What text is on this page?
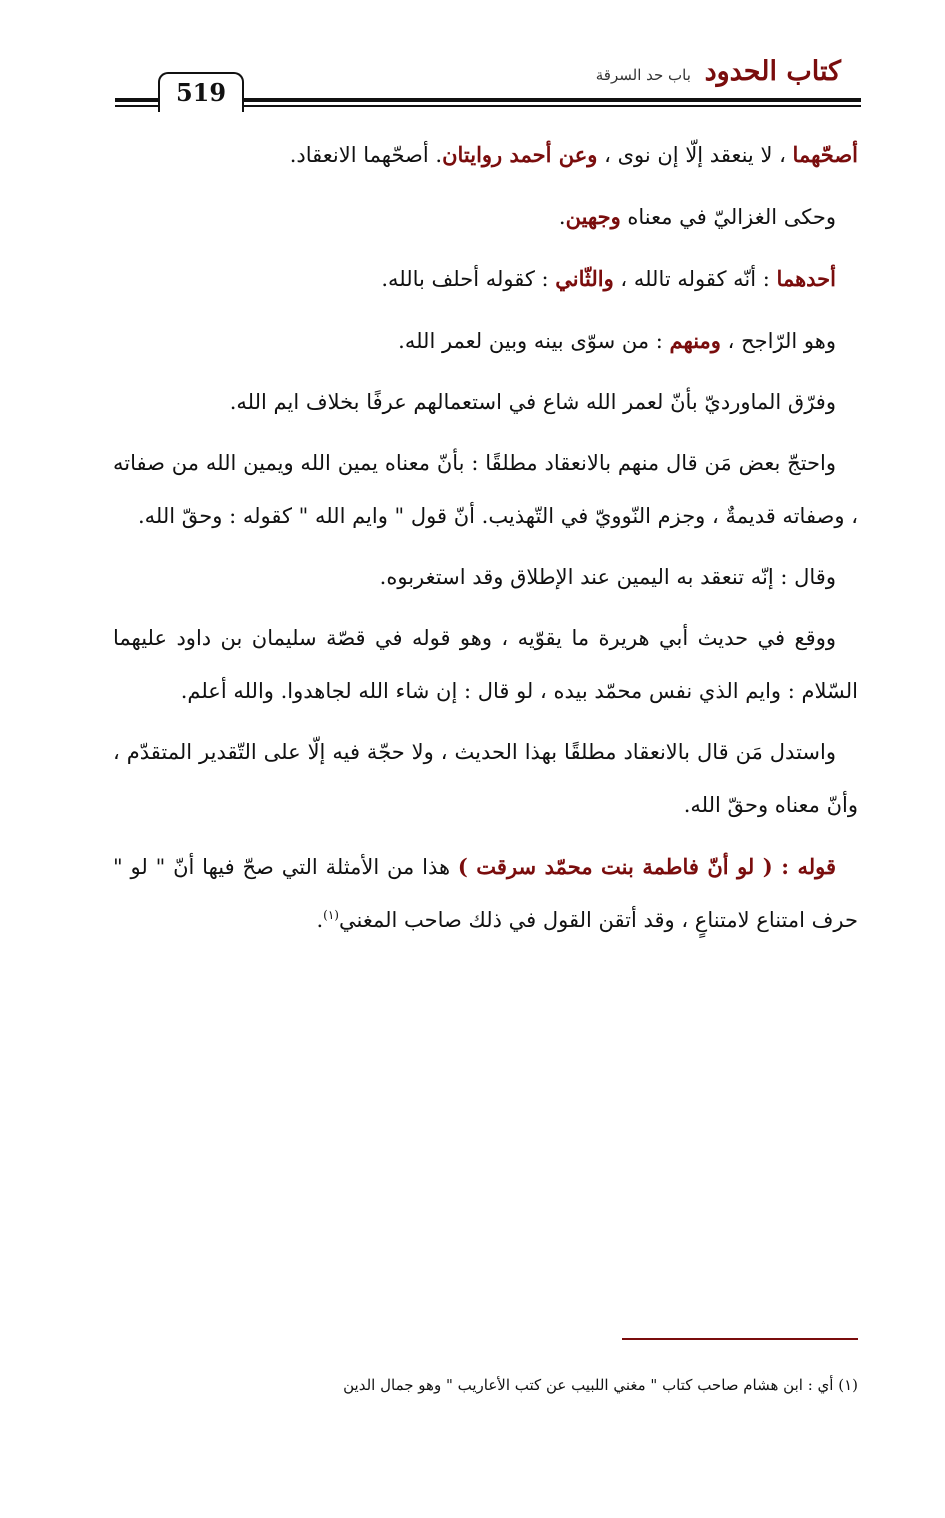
كتاب الحدود باب حد السرقة
519

أصحّهما ، لا ينعقد إلّا إن نوى ، وعن أحمد روايتان. أصحّهما الانعقاد.

وحكى الغزاليّ في معناه وجهين.

أحدهما : أنّه كقوله تالله ، والثّاني : كقوله أحلف بالله.

وهو الرّاجح ، ومنهم : من سوّى بينه وبين لعمر الله.

وفرّق الماورديّ بأنّ لعمر الله شاع في استعمالهم عرفًا بخلاف ايم الله.

واحتجّ بعض مَن قال منهم بالانعقاد مطلقًا : بأنّ معناه يمين الله ويمين الله من صفاته ، وصفاته قديمةٌ ، وجزم النّوويّ في التّهذيب. أنّ قول " وايم الله " كقوله : وحقّ الله.

وقال : إنّه تنعقد به اليمين عند الإطلاق وقد استغربوه.

ووقع في حديث أبي هريرة ما يقوّيه ، وهو قوله في قصّة سليمان بن داود عليهما السّلام : وايم الذي نفس محمّد بيده ، لو قال : إن شاء الله لجاهدوا. والله أعلم.

واستدل مَن قال بالانعقاد مطلقًا بهذا الحديث ، ولا حجّة فيه إلّا على التّقدير المتقدّم ، وأنّ معناه وحقّ الله.

قوله : ( لو أنّ فاطمة بنت محمّد سرقت ) هذا من الأمثلة التي صحّ فيها أنّ " لو " حرف امتناع لامتناعٍ ، وقد أتقن القول في ذلك صاحب المغني$^{(١)}$.

(١) أي : ابن هشام صاحب كتاب " مغني اللبيب عن كتب الأعاريب " وهو جمال الدين
